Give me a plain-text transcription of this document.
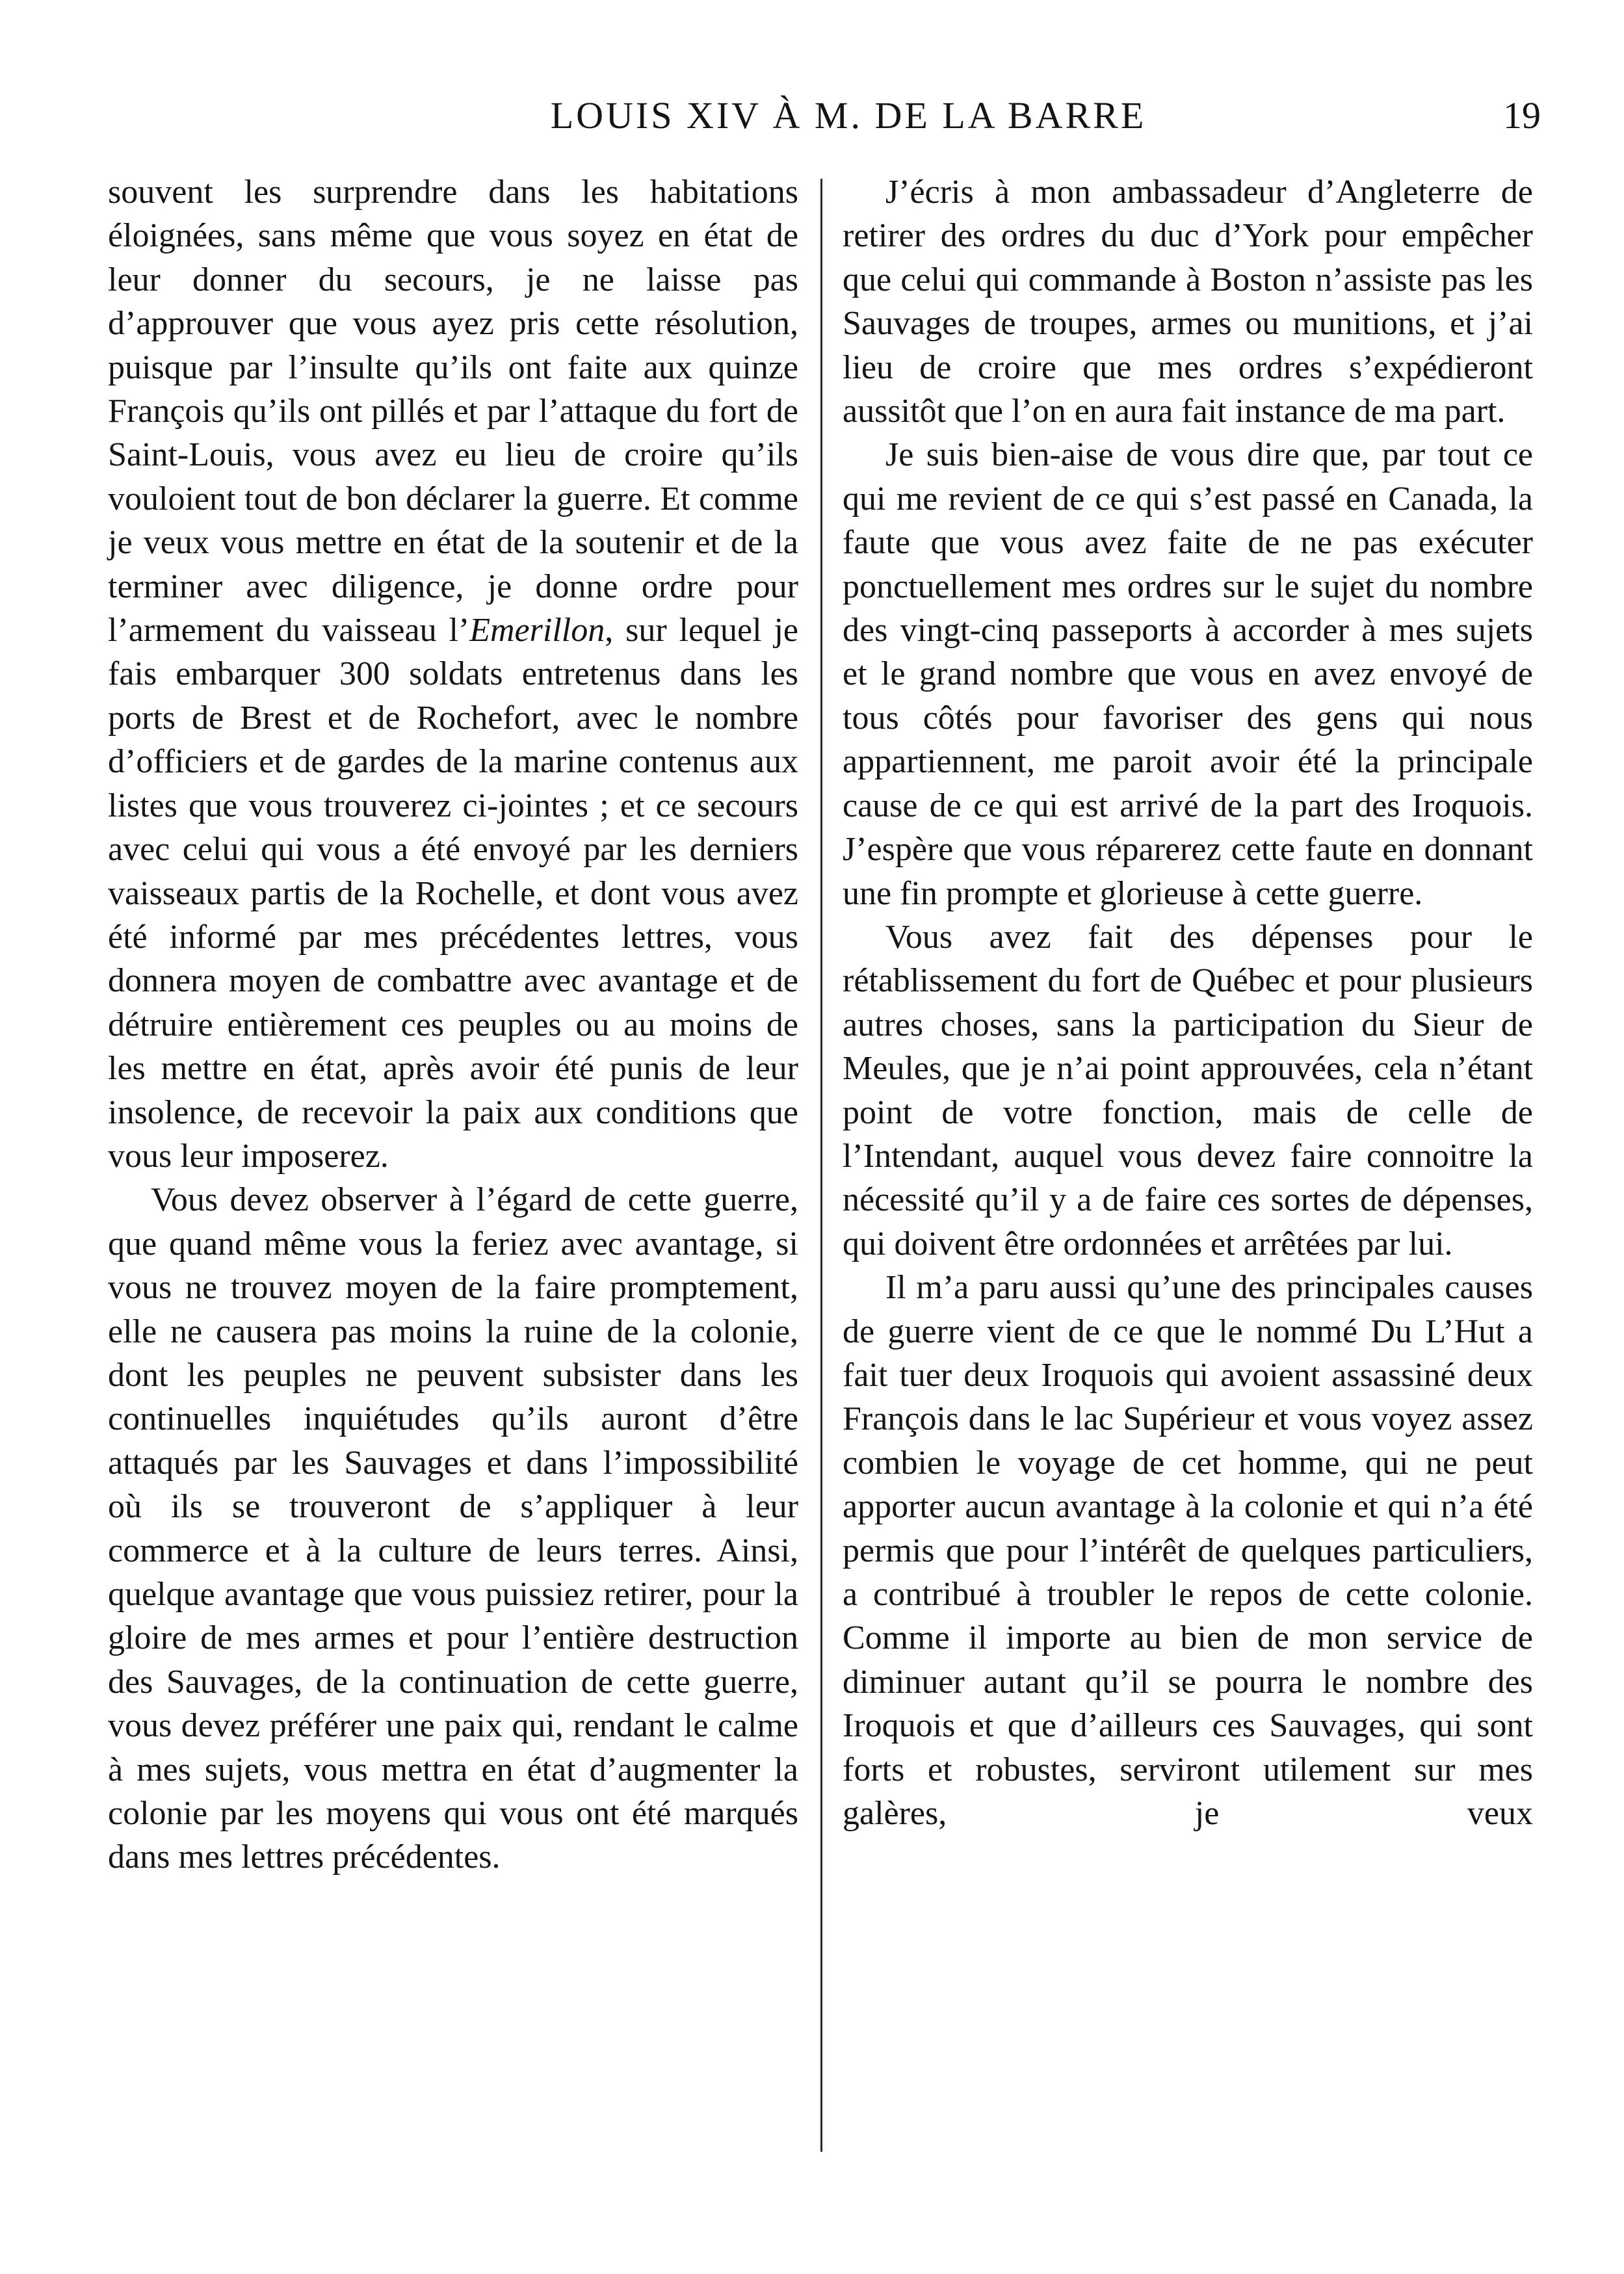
LOUIS XIV À M. DE LA BARRE	19

souvent les surprendre dans les habitations éloignées, sans même que vous soyez en état de leur donner du secours, je ne laisse pas d’approuver que vous ayez pris cette résolution, puisque par l’insulte qu’ils ont faite aux quinze François qu’ils ont pillés et par l’attaque du fort de Saint-Louis, vous avez eu lieu de croire qu’ils vouloient tout de bon déclarer la guerre. Et comme je veux vous mettre en état de la soutenir et de la terminer avec diligence, je donne ordre pour l’armement du vaisseau l’Emerillon, sur lequel je fais embarquer 300 soldats entretenus dans les ports de Brest et de Rochefort, avec le nombre d’officiers et de gardes de la marine contenus aux listes que vous trouverez ci-jointes ; et ce secours avec celui qui vous a été envoyé par les derniers vaisseaux partis de la Rochelle, et dont vous avez été informé par mes précédentes lettres, vous donnera moyen de combattre avec avantage et de détruire entièrement ces peuples ou au moins de les mettre en état, après avoir été punis de leur insolence, de recevoir la paix aux conditions que vous leur imposerez.

Vous devez observer à l’égard de cette guerre, que quand même vous la feriez avec avantage, si vous ne trouvez moyen de la faire promptement, elle ne causera pas moins la ruine de la colonie, dont les peuples ne peuvent subsister dans les continuelles inquiétudes qu’ils auront d’être attaqués par les Sauvages et dans l’impossibilité où ils se trouveront de s’appliquer à leur commerce et à la culture de leurs terres. Ainsi, quelque avantage que vous puissiez retirer, pour la gloire de mes armes et pour l’entière destruction des Sauvages, de la continuation de cette guerre, vous devez préférer une paix qui, rendant le calme à mes sujets, vous mettra en état d’augmenter la colonie par les moyens qui vous ont été marqués dans mes lettres précédentes.

J’écris à mon ambassadeur d’Angleterre de retirer des ordres du duc d’York pour empêcher que celui qui commande à Boston n’assiste pas les Sauvages de troupes, armes ou munitions, et j’ai lieu de croire que mes ordres s’expédieront aussitôt que l’on en aura fait instance de ma part.

Je suis bien-aise de vous dire que, par tout ce qui me revient de ce qui s’est passé en Canada, la faute que vous avez faite de ne pas exécuter ponctuellement mes ordres sur le sujet du nombre des vingt-cinq passeports à accorder à mes sujets et le grand nombre que vous en avez envoyé de tous côtés pour favoriser des gens qui nous appartiennent, me paroit avoir été la principale cause de ce qui est arrivé de la part des Iroquois. J’espère que vous réparerez cette faute en donnant une fin prompte et glorieuse à cette guerre.

Vous avez fait des dépenses pour le rétablissement du fort de Québec et pour plusieurs autres choses, sans la participation du Sieur de Meules, que je n’ai point approuvées, cela n’étant point de votre fonction, mais de celle de l’Intendant, auquel vous devez faire connoitre la nécessité qu’il y a de faire ces sortes de dépenses, qui doivent être ordonnées et arrêtées par lui.

Il m’a paru aussi qu’une des principales causes de guerre vient de ce que le nommé Du L’Hut a fait tuer deux Iroquois qui avoient assassiné deux François dans le lac Supérieur et vous voyez assez combien le voyage de cet homme, qui ne peut apporter aucun avantage à la colonie et qui n’a été permis que pour l’intérêt de quelques particuliers, a contribué à troubler le repos de cette colonie. Comme il importe au bien de mon service de diminuer autant qu’il se pourra le nombre des Iroquois et que d’ailleurs ces Sauvages, qui sont forts et robustes, serviront utilement sur mes galères, je veux
